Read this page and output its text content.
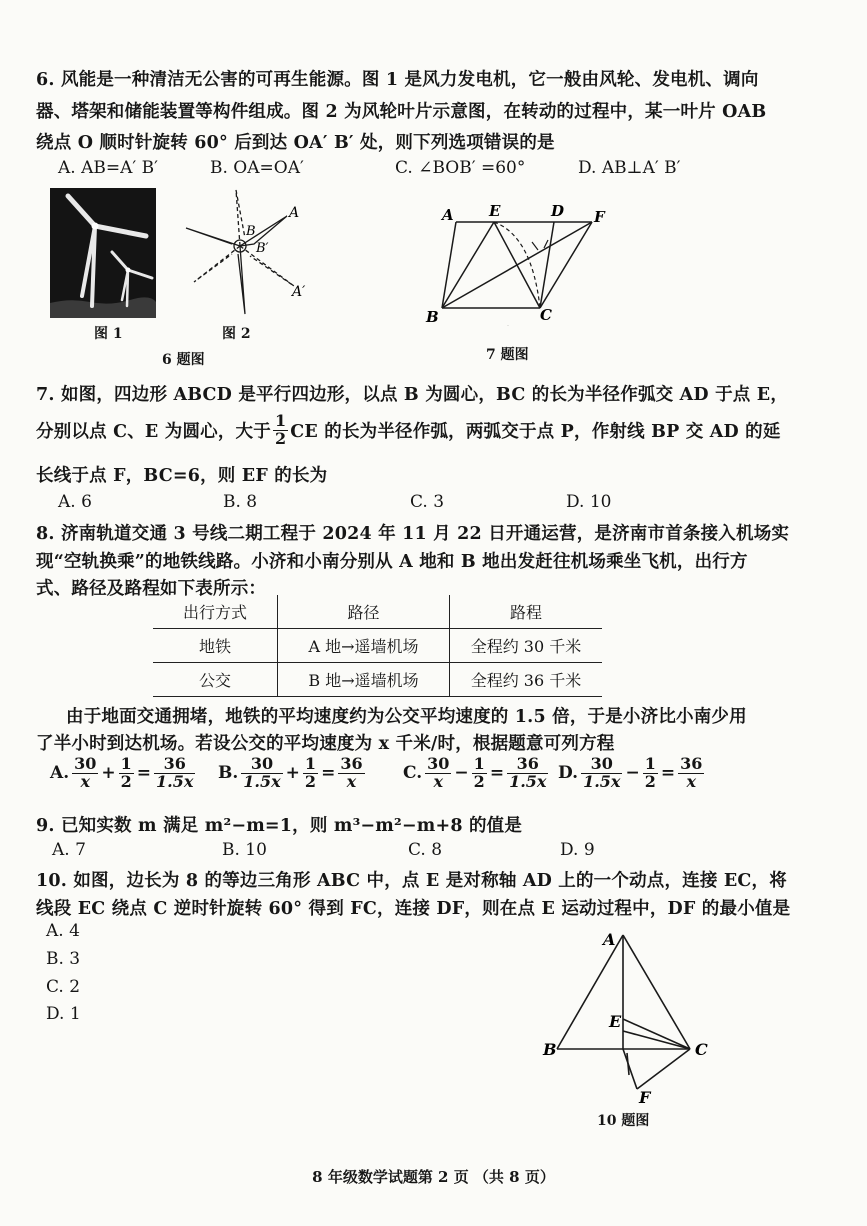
6. 风能是一种清洁无公害的可再生能源。图 1 是风力发电机，它一般由风轮、发电机、调向
器、塔架和储能装置等构件组成。图 2 为风轮叶片示意图，在转动的过程中，某一叶片 OAB
绕点 O 顺时针旋转 60° 后到达 OA′ B′ 处，则下列选项错误的是
A. AB=A′ B′	B. OA=OA′	C. ∠BOB′ =60°	D. AB⊥A′ B′
图 1
A
B
B′
A′
图 2
6 题图
A E	D F
B	C
7 题图
7. 如图，四边形 ABCD 是平行四边形，以点 B 为圆心，BC 的长为半径作弧交 AD 于点 E，
分别以点 C、E 为圆心，大于 $\frac{1}{2}$ CE 的长为半径作弧，两弧交于点 P，作射线 BP 交 AD 的延
长线于点 F，BC=6，则 EF 的长为
A. 6	B. 8	C. 3	D. 10
8. 济南轨道交通 3 号线二期工程于 2024 年 11 月 22 日开通运营，是济南市首条接入机场实
现“空轨换乘”的地铁线路。小济和小南分别从 A 地和 B 地出发赶往机场乘坐飞机，出行方
式、路径及路程如下表所示：
出行方式	路径	路程
地铁	A 地→遥墙机场	全程约 30 千米
公交	B 地→遥墙机场	全程约 36 千米
由于地面交通拥堵，地铁的平均速度约为公交平均速度的 1.5 倍，于是小济比小南少用
了半小时到达机场。若设公交的平均速度为 x 千米/时，根据题意可列方程
A. $\frac{30}{x} + \frac{1}{2} = \frac{36}{1.5x} B$. $\frac{30}{1.5x} + \frac{1}{2} = \frac{36}{x} C$. $\frac{30}{x} - \frac{1}{2} = \frac{36}{1.5x} D$. $\frac{30}{1.5x} - \frac{1}{2} = \frac{36}{x}$
9. 已知实数 m 满足 m²−m=1，则 m³−m²−m+8 的值是
A. 7	B. 10	C. 8	D. 9
10. 如图，边长为 8 的等边三角形 ABC 中，点 E 是对称轴 AD 上的一个动点，连接 EC，将
线段 EC 绕点 C 逆时针旋转 60° 得到 FC，连接 DF，则在点 E 运动过程中，DF 的最小值是
A. 4
B. 3
C. 2
D. 1
A
E
B	C
F
10 题图
8 年级数学试题第 2 页 （共 8 页）
